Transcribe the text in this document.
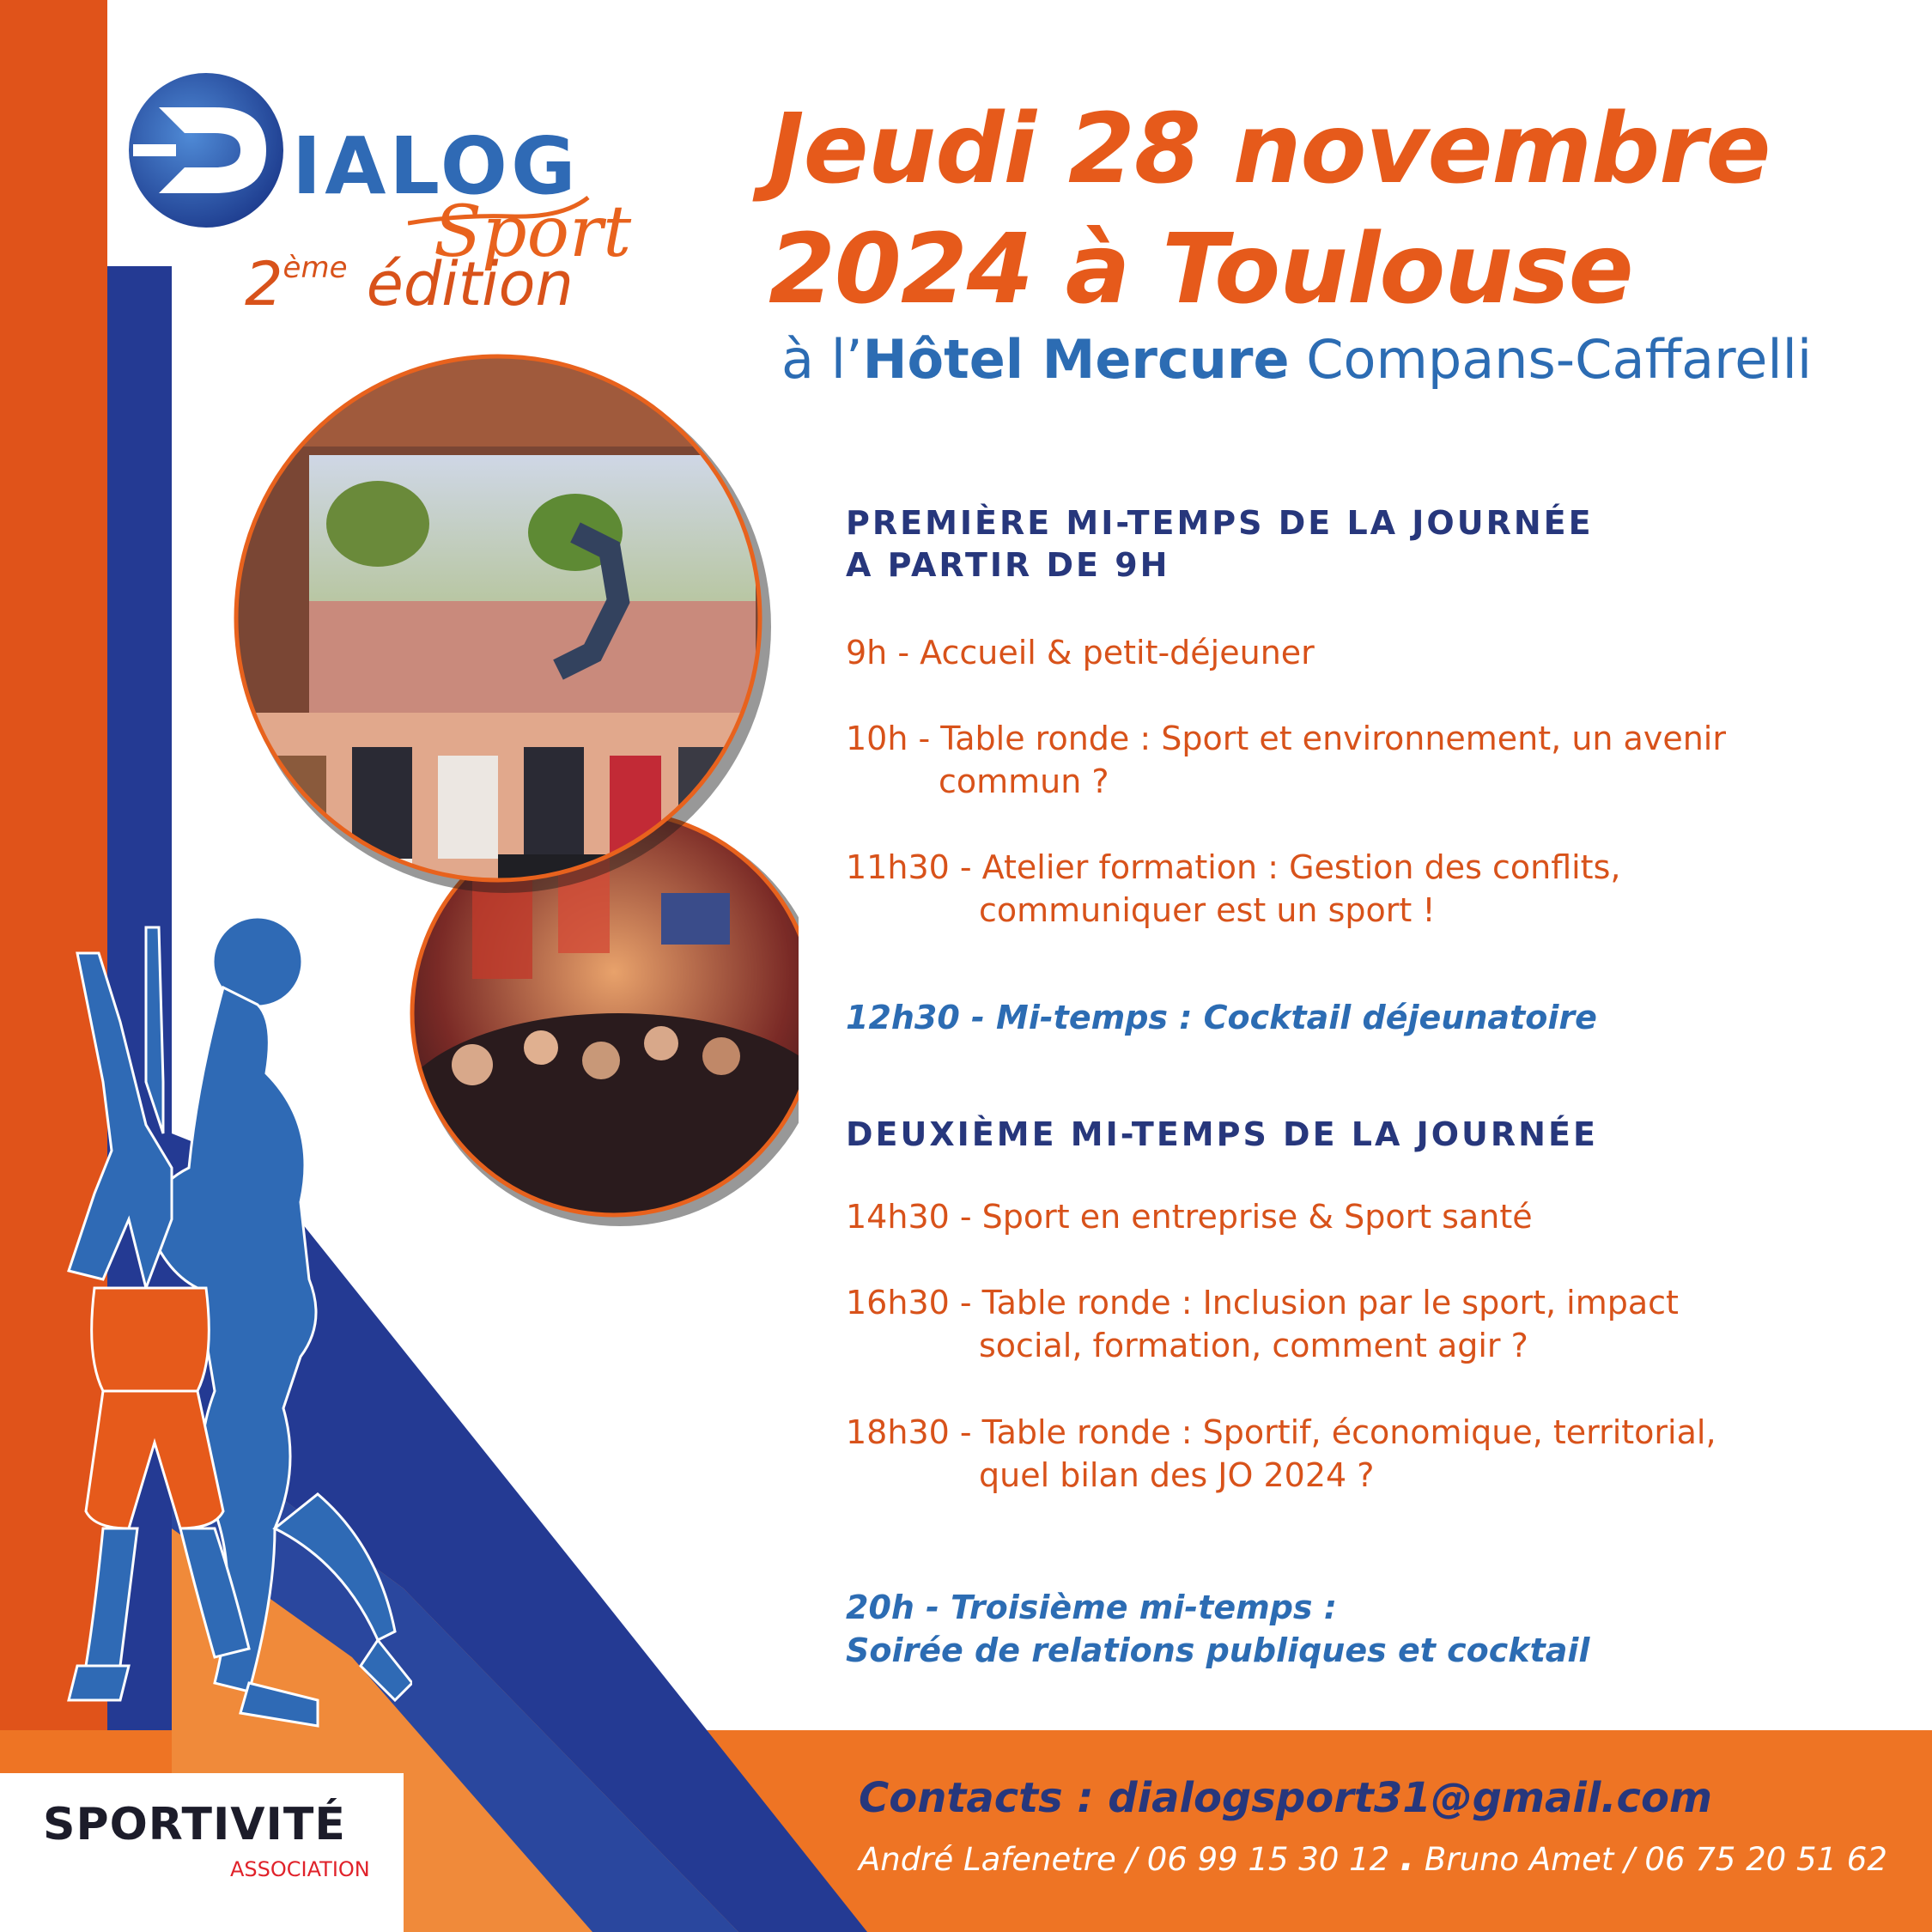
IALOG
Sport
2ème édition
Jeudi 28 novembre
2024 à Toulouse
à l’Hôtel Mercure Compans-Caffarelli
PREMIÈRE MI-TEMPS DE LA JOURNÉE
A PARTIR DE 9H
9h - Accueil & petit-déjeuner
10h - Table ronde : Sport et environnement, un avenir
commun ?
11h30 - Atelier formation : Gestion des conflits,
communiquer est un sport !
12h30 - Mi-temps : Cocktail déjeunatoire
DEUXIÈME MI-TEMPS DE LA JOURNÉE
14h30 - Sport en entreprise & Sport santé
16h30 - Table ronde : Inclusion par le sport, impact
social, formation, comment agir ?
18h30 - Table ronde : Sportif, économique, territorial,
quel bilan des JO 2024 ?
20h - Troisième mi-temps :
Soirée de relations publiques et cocktail
Contacts : dialogsport31@gmail.com
André Lafenetre / 06 99 15 30 12 . Bruno Amet / 06 75 20 51 62
SPORTIVITÉ
ASSOCIATION
